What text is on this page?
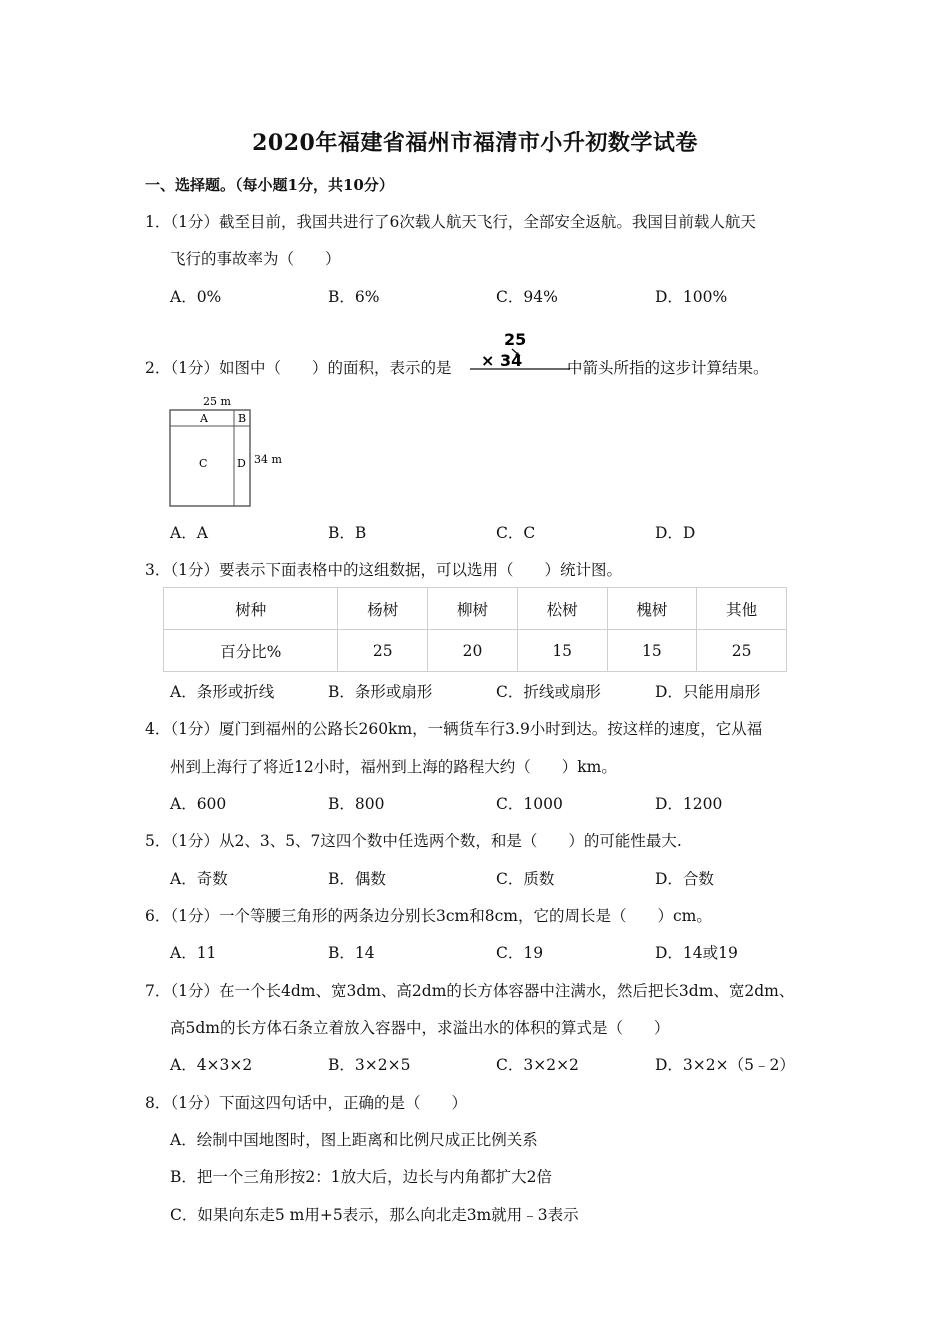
2020年福建省福州市福清市小升初数学试卷
一、选择题。（每小题1分，共10分）
1．（1分）截至目前，我国共进行了6次载人航天飞行，全部安全返航。我国目前载人航天
飞行的事故率为（　　）
A．0%	B．6%	C．94%	D．100%
2．（1分）如图中（　　）的面积，表示的是
25
× 34	中箭头所指的这步计算结果。
25 m
A	B
C	D 34 m
A．A	B．B	C．C	D．D
3．（1分）要表示下面表格中的这组数据，可以选用（　　）统计图。
树种	杨树	柳树	松树	槐树	其他
百分比%	25	20	15	15	25
A．条形或折线	B．条形或扇形	C．折线或扇形	D．只能用扇形
4．（1分）厦门到福州的公路长260km，一辆货车行3.9小时到达。按这样的速度，它从福
州到上海行了将近12小时，福州到上海的路程大约（　　）km。
A．600	B．800	C．1000	D．1200
5．（1分）从2、3、5、7这四个数中任选两个数，和是（　　）的可能性最大.
A．奇数	B．偶数	C．质数	D．合数
6．（1分）一个等腰三角形的两条边分别长3cm和8cm，它的周长是（　　）cm。
A．11	B．14	C．19	D．14或19
7．（1分）在一个长4dm、宽3dm、高2dm的长方体容器中注满水，然后把长3dm、宽2dm、
高5dm的长方体石条立着放入容器中，求溢出水的体积的算式是（　　）
A．4×3×2	B．3×2×5	C．3×2×2	D．3×2×（5﹣2）
8．（1分）下面这四句话中，正确的是（　　）
A．绘制中国地图时，图上距离和比例尺成正比例关系
B．把一个三角形按2：1放大后，边长与内角都扩大2倍
C．如果向东走5 m用+5表示，那么向北走3m就用﹣3表示
